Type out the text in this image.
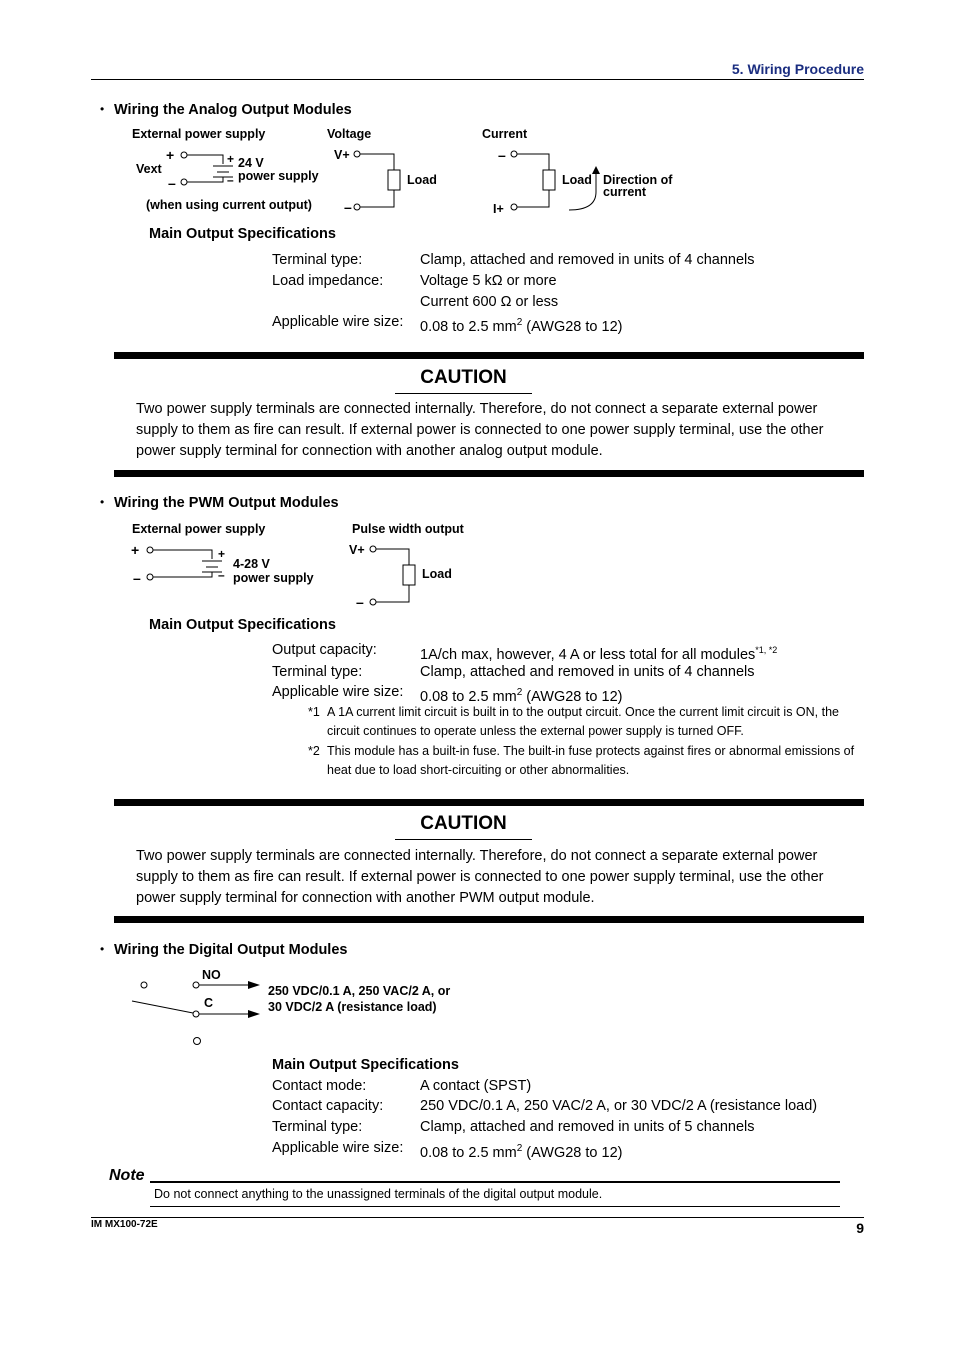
5. Wiring Procedure
• Wiring the Analog Output Modules
External power supply
Vext
+
–
+
–
24 V
power supply
(when using current output)
Voltage
V+
–
Load
Current
–
I+
Load Direction of
current
Main Output Specifications
Terminal type:	Clamp, attached and removed in units of 4 channels
Load impedance:	Voltage 5 kΩ or more
Current 600 Ω or less
Applicable wire size: 0.08 to 2.5 $mm^2$ (AWG28 to 12)
CAUTION
Two power supply terminals are connected internally. Therefore, do not connect a separate external power supply to them as fire can result. If external power is connected to one power supply terminal, use the other power supply terminal for connection with another analog output module.
• Wiring the PWM Output Modules
External power supply
+
–
+
–
4-28 V
power supply
Pulse width output
V+
–
Load
Main Output Specifications
Output capacity:	1A/ch max, however, 4 A or less total for all modules$^{*1, *2}$
Terminal type:	Clamp, attached and removed in units of 4 channels
Applicable wire size: 0.08 to 2.5 $mm^2$ (AWG28 to 12)
*1 A 1A current limit circuit is built in to the output circuit. Once the current limit circuit is ON, the circuit continues to operate unless the external power supply is turned OFF.
*2 This module has a built-in fuse. The built-in fuse protects against fires or abnormal emissions of heat due to load short-circuiting or other abnormalities.
CAUTION
Two power supply terminals are connected internally. Therefore, do not connect a separate external power supply to them as fire can result. If external power is connected to one power supply terminal, use the other power supply terminal for connection with another PWM output module.
• Wiring the Digital Output Modules
NO
C
250 VDC/0.1 A, 250 VAC/2 A, or
30 VDC/2 A (resistance load)
Main Output Specifications
Contact mode:	A contact (SPST)
Contact capacity:	250 VDC/0.1 A, 250 VAC/2 A, or 30 VDC/2 A (resistance load)
Terminal type:	Clamp, attached and removed in units of 5 channels
Applicable wire size: 0.08 to 2.5 $mm^2$ (AWG28 to 12)
Note
Do not connect anything to the unassigned terminals of the digital output module.
IM MX100-72E	9
